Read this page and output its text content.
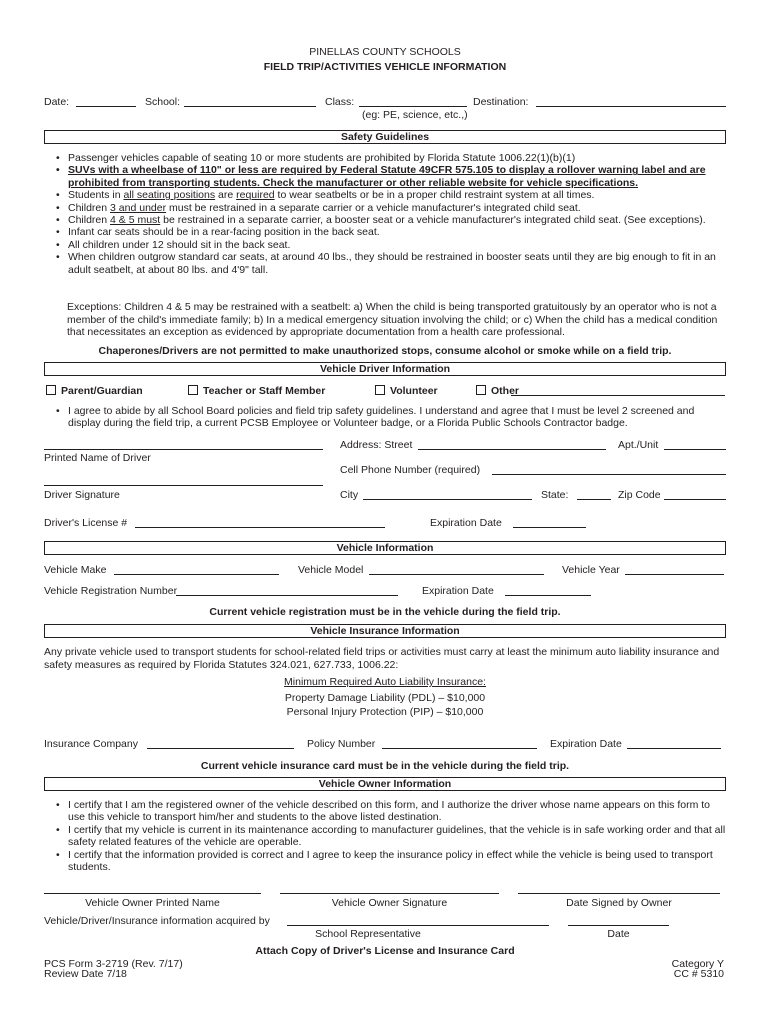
PINELLAS COUNTY SCHOOLS
FIELD TRIP/ACTIVITIES VEHICLE INFORMATION
Date:	School:	Class:
(eg: PE, science, etc.,)
Destination:
Safety Guidelines
• Passenger vehicles capable of seating 10 or more students are prohibited by Florida Statute 1006.22(1)(b)(1)
• SUVs with a wheelbase of 110" or less are required by Federal Statute 49CFR 575.105 to display a rollover warning label and are prohibited from transporting students. Check the manufacturer or other reliable website for vehicle specifications.
• Students in all seating positions are required to wear seatbelts or be in a proper child restraint system at all times.
• Children 3 and under must be restrained in a separate carrier or a vehicle manufacturer's integrated child seat.
• Children 4 & 5 must be restrained in a separate carrier, a booster seat or a vehicle manufacturer's integrated child seat. (See exceptions).
• Infant car seats should be in a rear-facing position in the back seat.
• All children under 12 should sit in the back seat.
• When children outgrow standard car seats, at around 40 lbs., they should be restrained in booster seats until they are big enough to fit in an adult seatbelt, at about 80 lbs. and 4'9" tall.
Exceptions: Children 4 & 5 may be restrained with a seatbelt: a) When the child is being transported gratuitously by an operator who is not a member of the child's immediate family; b) In a medical emergency situation involving the child; or c) When the child has a medical condition that necessitates an exception as evidenced by appropriate documentation from a health care professional.
Chaperones/Drivers are not permitted to make unauthorized stops, consume alcohol or smoke while on a field trip.
Vehicle Driver Information
Parent/Guardian	Teacher or Staff Member	Volunteer	Other
• I agree to abide by all School Board policies and field trip safety guidelines. I understand and agree that I must be level 2 screened and display during the field trip, a current PCSB Employee or Volunteer badge, or a Florida Public Schools Contractor badge.
Address: Street	Apt./Unit
Printed Name of Driver
Cell Phone Number (required)
Driver Signature	City	State:	Zip Code
Driver's License #	Expiration Date
Vehicle Information
Vehicle Make	Vehicle Model	Vehicle Year
Vehicle Registration Number	Expiration Date
Current vehicle registration must be in the vehicle during the field trip.
Vehicle Insurance Information
Any private vehicle used to transport students for school-related field trips or activities must carry at least the minimum auto liability insurance and safety measures as required by Florida Statutes 324.021, 627.733, 1006.22:
Minimum Required Auto Liability Insurance:
Property Damage Liability (PDL) – $10,000
Personal Injury Protection (PIP) – $10,000
Insurance Company	Policy Number	Expiration Date
Current vehicle insurance card must be in the vehicle during the field trip.
Vehicle Owner Information
• I certify that I am the registered owner of the vehicle described on this form, and I authorize the driver whose name appears on this form to use this vehicle to transport him/her and students to the above listed destination.
• I certify that my vehicle is current in its maintenance according to manufacturer guidelines, that the vehicle is in safe working order and that all safety related features of the vehicle are operable.
• I certify that the information provided is correct and I agree to keep the insurance policy in effect while the vehicle is being used to transport students.
Vehicle Owner Printed Name	Vehicle Owner Signature	Date Signed by Owner
Vehicle/Driver/Insurance information acquired by
School Representative	Date
Attach Copy of Driver's License and Insurance Card
PCS Form 3-2719 (Rev. 7/17)
Review Date 7/18
Category Y
CC # 5310
